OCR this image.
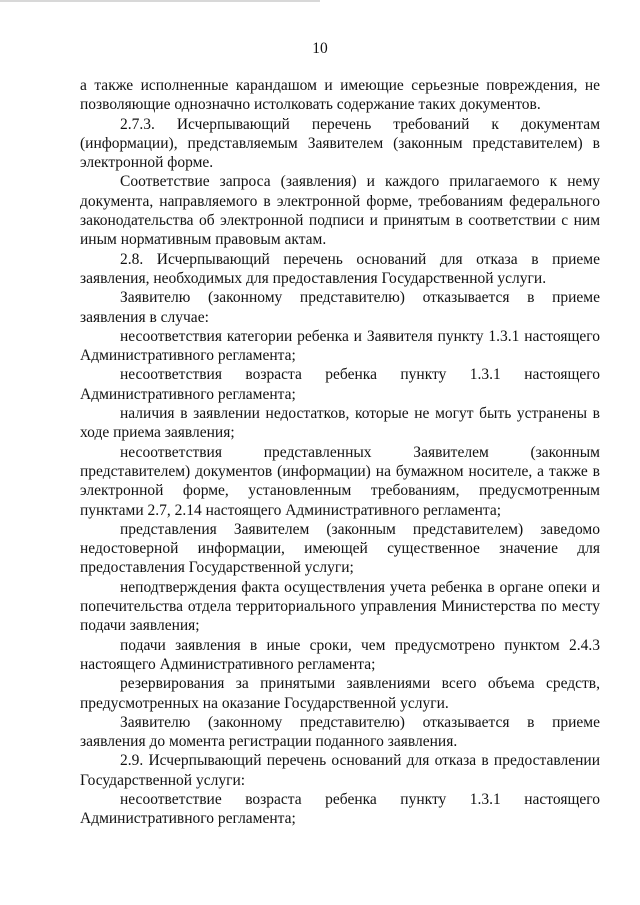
10

а также исполненные карандашом и имеющие серьезные повреждения, не позволяющие однозначно истолковать содержание таких документов.

2.7.3. Исчерпывающий перечень требований к документам (информации), представляемым Заявителем (законным представителем) в электронной форме.

Соответствие запроса (заявления) и каждого прилагаемого к нему документа, направляемого в электронной форме, требованиям федерального законодательства об электронной подписи и принятым в соответствии с ним иным нормативным правовым актам.

2.8. Исчерпывающий перечень оснований для отказа в приеме заявления, необходимых для предоставления Государственной услуги.

Заявителю (законному представителю) отказывается в приеме заявления в случае:

несоответствия категории ребенка и Заявителя пункту 1.3.1 настоящего Административного регламента;

несоответствия возраста ребенка пункту 1.3.1 настоящего Административного регламента;

наличия в заявлении недостатков, которые не могут быть устранены в ходе приема заявления;

несоответствия представленных Заявителем (законным представителем) документов (информации) на бумажном носителе, а также в электронной форме, установленным требованиям, предусмотренным пунктами 2.7, 2.14 настоящего Административного регламента;

представления Заявителем (законным представителем) заведомо недостоверной информации, имеющей существенное значение для предоставления Государственной услуги;

неподтверждения факта осуществления учета ребенка в органе опеки и попечительства отдела территориального управления Министерства по месту подачи заявления;

подачи заявления в иные сроки, чем предусмотрено пунктом 2.4.3 настоящего Административного регламента;

резервирования за принятыми заявлениями всего объема средств, предусмотренных на оказание Государственной услуги.

Заявителю (законному представителю) отказывается в приеме заявления до момента регистрации поданного заявления.

2.9. Исчерпывающий перечень оснований для отказа в предоставлении Государственной услуги:

несоответствие возраста ребенка пункту 1.3.1 настоящего Административного регламента;
